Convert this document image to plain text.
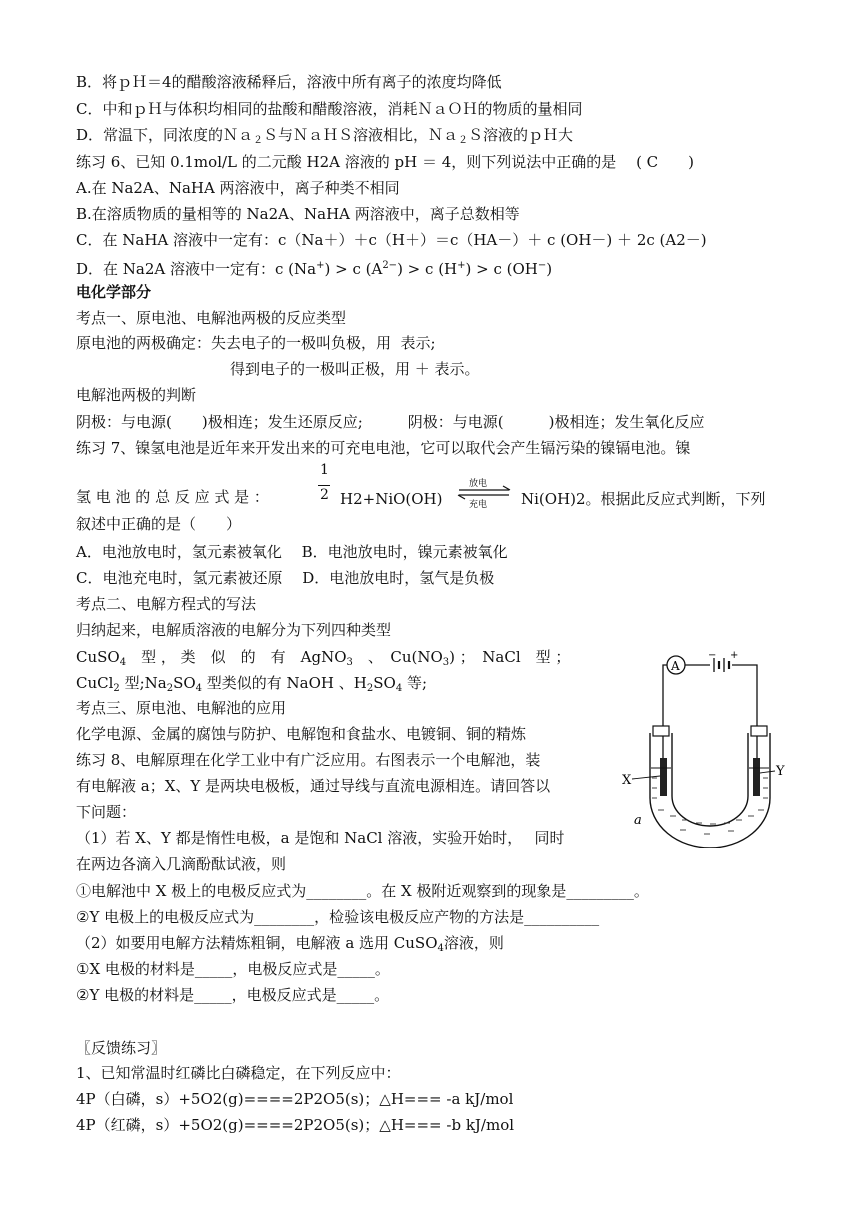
B．将ｐＨ＝4的醋酸溶液稀释后，溶液中所有离子的浓度均降低
C．中和ｐＨ与体积均相同的盐酸和醋酸溶液，消耗ＮａＯＨ的物质的量相同
D．常温下，同浓度的Ｎａ$_2$Ｓ与ＮａＨＳ溶液相比，Ｎａ$_2$Ｓ溶液的ｐＨ大
练习 6、已知 0.1mol/L 的二元酸 H2A 溶液的 pH ＝ 4，则下列说法中正确的是　 ( C　　)
A.在 Na2A、NaHA 两溶液中，离子种类不相同
B.在溶质物质的量相等的 Na2A、NaHA 两溶液中，离子总数相等
C．在 NaHA 溶液中一定有：c（Na＋）＋c（H＋）＝c（HA－）＋ c (OH－) ＋ 2c (A2－)
D．在 Na2A 溶液中一定有：c (Na+) > c $(A^{2-}) > c$ (H+) > c (OH−)
电化学部分
考点一、原电池、电解池两极的反应类型
原电池的两极确定：失去电子的一极叫负极，用 表示;
得到电子的一极叫正极，用 ＋ 表示。
电解池两极的判断
阴极：与电源(　　)极相连；发生还原反应;　　　阴极：与电源(　　　)极相连；发生氧化反应
练习 7、镍氢电池是近年来开发出来的可充电电池，它可以取代会产生镉污染的镍镉电池。镍
氢 电 池 的 总 反 应 式 是 ：
1
2 H2+NiO(OH)
放电
充电 Ni(OH)2。根据此反应式判断，下列
叙述中正确的是（　　）
A．电池放电时，氢元素被氧化　 B．电池放电时，镍元素被氧化
C．电池充电时，氢元素被还原　 D．电池放电时，氢气是负极
考点二、电解方程式的写法
归纳起来，电解质溶液的电解分为下列四种类型
CuSO$_4$　型 ， 类　似　的　有　AgNO$_3$　、　$Cu(NO_3)$ ；　NaCl　型 ；
CuCl$_2$ 型$;Na_2SO_4$ 型类似的有 NaOH 、$H_2SO_4$ 等;
考点三、原电池、电解池的应用
化学电源、金属的腐蚀与防护、电解饱和食盐水、电镀铜、铜的精炼
练习 8、电解原理在化学工业中有广泛应用。右图表示一个电解池，装
有电解液 a；X、Y 是两块电极板，通过导线与直流电源相连。请回答以
下问题：
（1）若 X、Y 都是惰性电极，a 是饱和 NaCl 溶液，实验开始时，　 同时
在两边各滴入几滴酚酞试液，则
①电解池中 X 极上的电极反应式为________。在 X 极附近观察到的现象是_________。
②Y 电极上的电极反应式为________，检验该电极反应产物的方法是__________
（2）如要用电解方法精炼粗铜，电解液 a 选用 CuSO$_4$溶液，则
①X 电极的材料是_____，电极反应式是_____。
②Y 电极的材料是_____，电极反应式是_____。
〖反馈练习〗
1、已知常温时红磷比白磷稳定，在下列反应中：
4P（白磷，s）+5O2(g)====2P2O5(s)；△H=== -a kJ/mol
4P（红磷，s）+5O2(g)====2P2O5(s)；△H=== -b kJ/mol
A
− +
X
Y
a
